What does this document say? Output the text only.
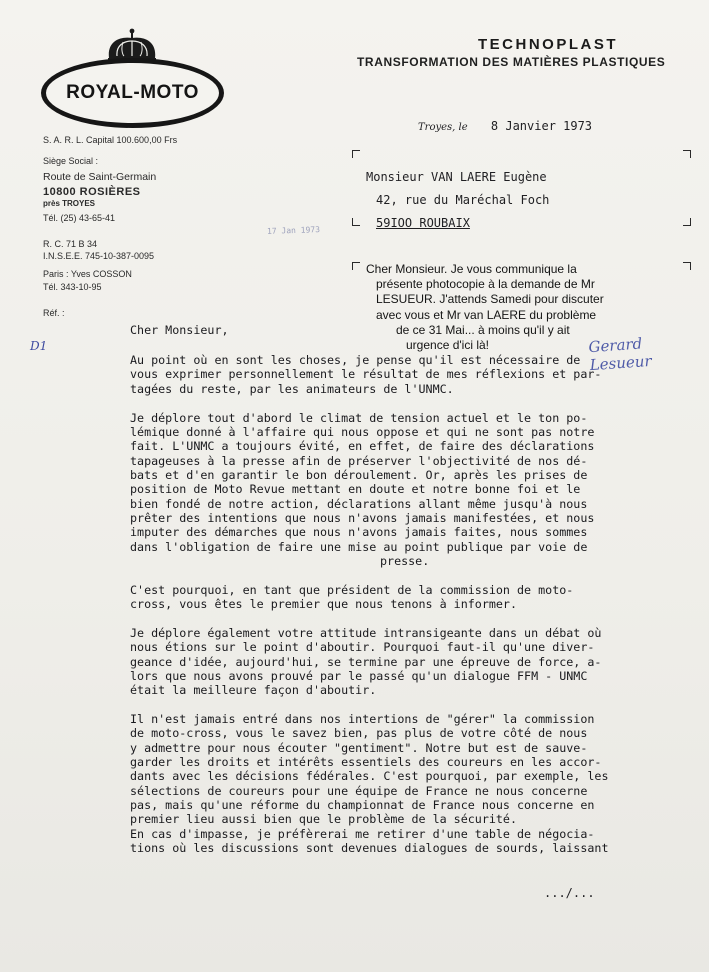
ROYAL-MOTO
TECHNOPLAST
TRANSFORMATION DES MATIÈRES PLASTIQUES
S. A. R. L. Capital 100.600,00 Frs
Siège Social :
Route de Saint-Germain
10800 ROSIÈRES
près TROYES
Tél. (25) 43-65-41
R. C. 71 B 34
I.N.S.E.E. 745-10-387-0095
Paris : Yves COSSON
Tél. 343-10-95
Réf. :
17 Jan 1973
Troyes, le 8 Janvier 1973
Monsieur VAN LAERE Eugène
42, rue du Maréchal Foch
59IOO ROUBAIX
Cher Monsieur. Je vous communique la
présente photocopie à la demande de Mr
LESUEUR. J'attends Samedi pour discuter
avec vous et Mr van LAERE du problème
de ce 31 Mai... à moins qu'il y ait
urgence d'ici là!	Gerard Lesueur
D1
Cher Monsieur,
Au point où en sont les choses, je pense qu'il est nécessaire de
vous exprimer personnellement le résultat de mes réflexions et par-
tagées du reste, par les animateurs de l'UNMC.
Je déplore tout d'abord le climat de tension actuel et le ton po-
lémique donné à l'affaire qui nous oppose et qui ne sont pas notre
fait. L'UNMC a toujours évité, en effet, de faire des déclarations
tapageuses à la presse afin de préserver l'objectivité de nos dé-
bats et d'en garantir le bon déroulement. Or, après les prises de
position de Moto Revue mettant en doute et notre bonne foi et le
bien fondé de notre action, déclarations allant même jusqu'à nous
prêter des intentions que nous n'avons jamais manifestées, et nous
imputer des démarches que nous n'avons jamais faites, nous sommes
dans l'obligation de faire une mise au point publique par voie de
presse.
C'est pourquoi, en tant que président de la commission de moto-
cross, vous êtes le premier que nous tenons à informer.
Je déplore également votre attitude intransigeante dans un débat où
nous étions sur le point d'aboutir. Pourquoi faut-il qu'une diver-
geance d'idée, aujourd'hui, se termine par une épreuve de force, a-
lors que nous avons prouvé par le passé qu'un dialogue FFM - UNMC
était la meilleure façon d'aboutir.
Il n'est jamais entré dans nos intertions de "gérer" la commission
de moto-cross, vous le savez bien, pas plus de votre côté de nous
y admettre pour nous écouter "gentiment". Notre but est de sauve-
garder les droits et intérêts essentiels des coureurs en les accor-
dants avec les décisions fédérales. C'est pourquoi, par exemple, les
sélections de coureurs pour une équipe de France ne nous concerne
pas, mais qu'une réforme du championnat de France nous concerne en
premier lieu aussi bien que le problème de la sécurité.
En cas d'impasse, je préfèrerai me retirer d'une table de négocia-
tions où les discussions sont devenues dialogues de sourds, laissant
.../...
